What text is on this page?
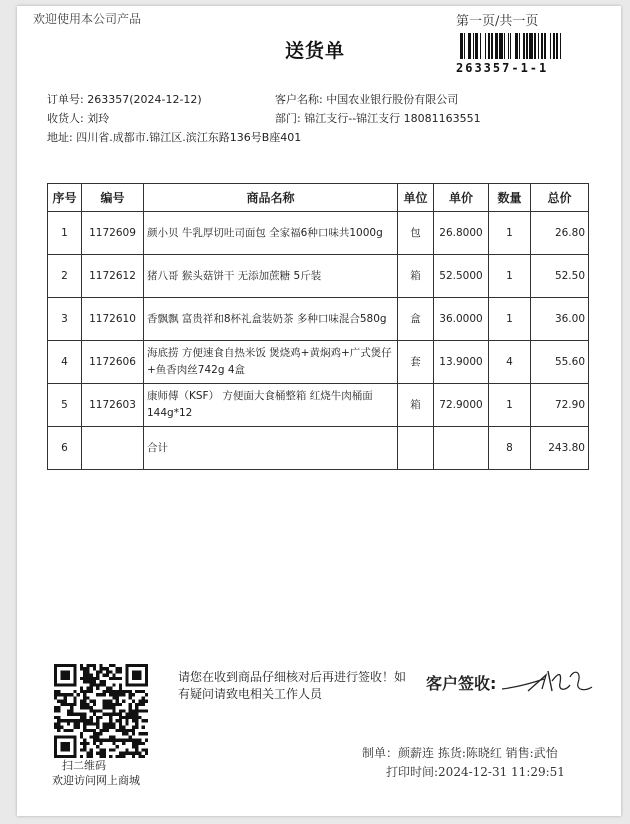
欢迎使用本公司产品	第一页/共一页
送货单
263357-1-1
订单号: 263357(2024-12-12)
收货人: 刘玲
地址: 四川省.成都市.锦江区.滨江东路136号B座401
客户名称: 中国农业银行股份有限公司
部门: 锦江支行--锦江支行 18081163551
序号	编号	商品名称	单位	单价	数量	总价
1	1172609	颜小贝 牛乳厚切吐司面包 全家福6种口味共1000g	包	26.8000	1	26.80
2	1172612	猪八哥 猴头菇饼干 无添加蔗糖 5斤装	箱	52.5000	1	52.50
3	1172610	香飘飘 富贵祥和8杯礼盒装奶茶 多种口味混合580g	盒	36.0000	1	36.00
4	1172606	海底捞 方便速食自热米饭 煲烧鸡+黄焖鸡+广式煲仔+鱼香肉丝742g 4盒	套	13.9000	4	55.60
5	1172603	康师傅（KSF） 方便面大食桶整箱 红烧牛肉桶面144g*12	箱	72.9000	1	72.90
6		合计			8	243.80
请您在收到商品仔细核对后再进行签收！如有疑问请致电相关工作人员
客户签收:
扫二维码
欢迎访问网上商城
制单：颜薪连 拣货:陈晓红 销售:武怡
打印时间:2024-12-31 11:29:51
